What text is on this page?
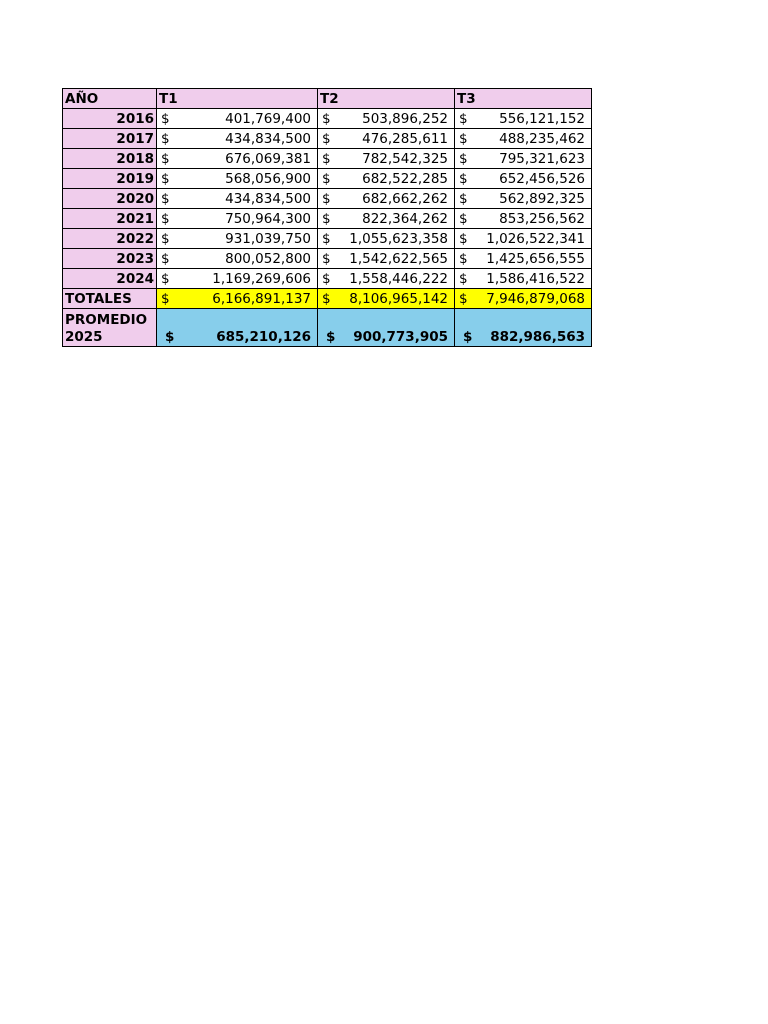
AÑO	T1	T2	T3
2016	$ 401,769,400	$ 503,896,252	$ 556,121,152

2017	$ 434,834,500	$ 476,285,611	$ 488,235,462

2018	$ 676,069,381	$ 782,542,325	$ 795,321,623

2019	$ 568,056,900	$ 682,522,285	$ 652,456,526

2020	$ 434,834,500	$ 682,662,262	$ 562,892,325

2021	$ 750,964,300	$ 822,364,262	$ 853,256,562

2022	$ 931,039,750	$ 1,055,623,358	$ 1,026,522,341

2023	$ 800,052,800	$ 1,542,622,565	$ 1,425,656,555

2024	$ 1,169,269,606	$ 1,558,446,222	$ 1,586,416,522

TOTALES	$ 6,166,891,137	$ 8,106,965,142	$ 7,946,879,068

PROMEDIO 2025	$ 685,210,126	$ 900,773,905	$ 882,986,563
